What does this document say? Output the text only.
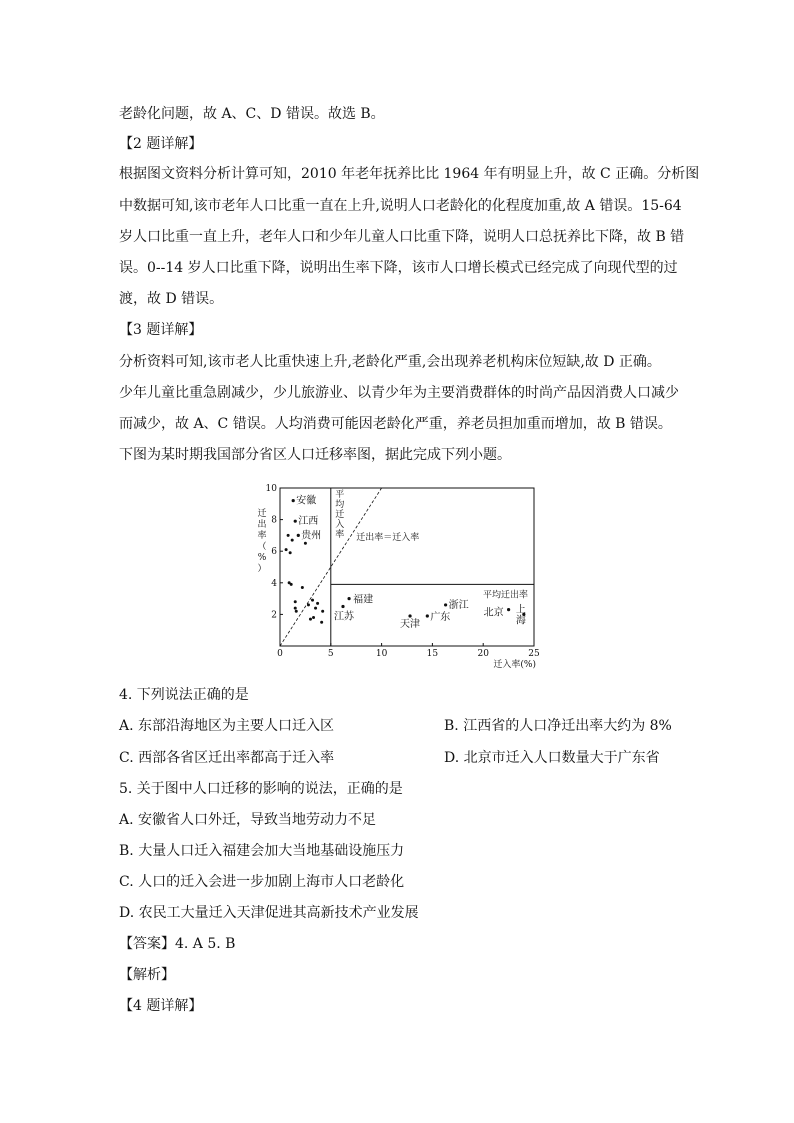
老龄化问题，故 A、C、D 错误。故选 B。
【2 题详解】
根据图文资料分析计算可知，2010 年老年抚养比比 1964 年有明显上升，故 C 正确。分析图
中数据可知,该市老年人口比重一直在上升,说明人口老龄化的化程度加重,故 A 错误。15-64
岁人口比重一直上升，老年人口和少年儿童人口比重下降，说明人口总抚养比下降，故 B 错
误。0--14 岁人口比重下降，说明出生率下降，该市人口增长模式已经完成了向现代型的过
渡，故 D 错误。
【3 题详解】
分析资料可知,该市老人比重快速上升,老龄化严重,会出现养老机构床位短缺,故 D 正确。
少年儿童比重急剧减少，少儿旅游业、以青少年为主要消费群体的时尚产品因消费人口减少
而减少，故 A、C 错误。人均消费可能因老龄化严重，养老员担加重而增加，故 B 错误。
下图为某时期我国部分省区人口迁移率图，据此完成下列小题。
0	5	10	15	20	25
2
4
6
8
10
迁
出
率
（
%
）
迁入率(%)
平
均
迁
入
率
平均迁出率
迁出率＝迁入率
安徽
江西
贵州
福建
江苏
天津
广东
浙江
北京 上
海
4. 下列说法正确的是
A. 东部沿海地区为主要人口迁入区	B. 江西省的人口净迁出率大约为 8%
C. 西部各省区迁出率都高于迁入率	D. 北京市迁入人口数量大于广东省
5. 关于图中人口迁移的影响的说法，正确的是
A. 安徽省人口外迁，导致当地劳动力不足
B. 大量人口迁入福建会加大当地基础设施压力
C. 人口的迁入会进一步加剧上海市人口老龄化
D. 农民工大量迁入天津促进其高新技术产业发展
【答案】4. A 5. B
【解析】
【4 题详解】
